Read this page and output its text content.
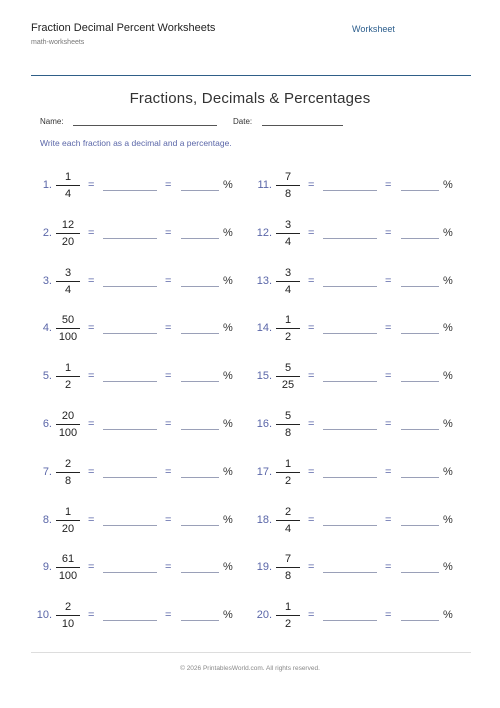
Fraction Decimal Percent Worksheets
math-worksheets
Worksheet
Fractions, Decimals & Percentages
Name:	Date:
Write each fraction as a decimal and a percentage.
1.
1
4
=	=	%
2.
12
20
=	=	%
3.
3
4
=	=	%
4.
50
100
=	=	%
5.
1
2
=	=	%
6.
20
100
=	=	%
7.
2
8
=	=	%
8.
1
20
=	=	%
9.
61
100
=	=	%
10.
2
10
=	=	%
11.
7
8
=	=	%
12.
3
4
=	=	%
13.
3
4
=	=	%
14.
1
2
=	=	%
15.
5
25
=	=	%
16.
5
8
=	=	%
17.
1
2
=	=	%
18.
2
4
=	=	%
19.
7
8
=	=	%
20.
1
2
=	=	%
© 2026 PrintablesWorld.com. All rights reserved.
